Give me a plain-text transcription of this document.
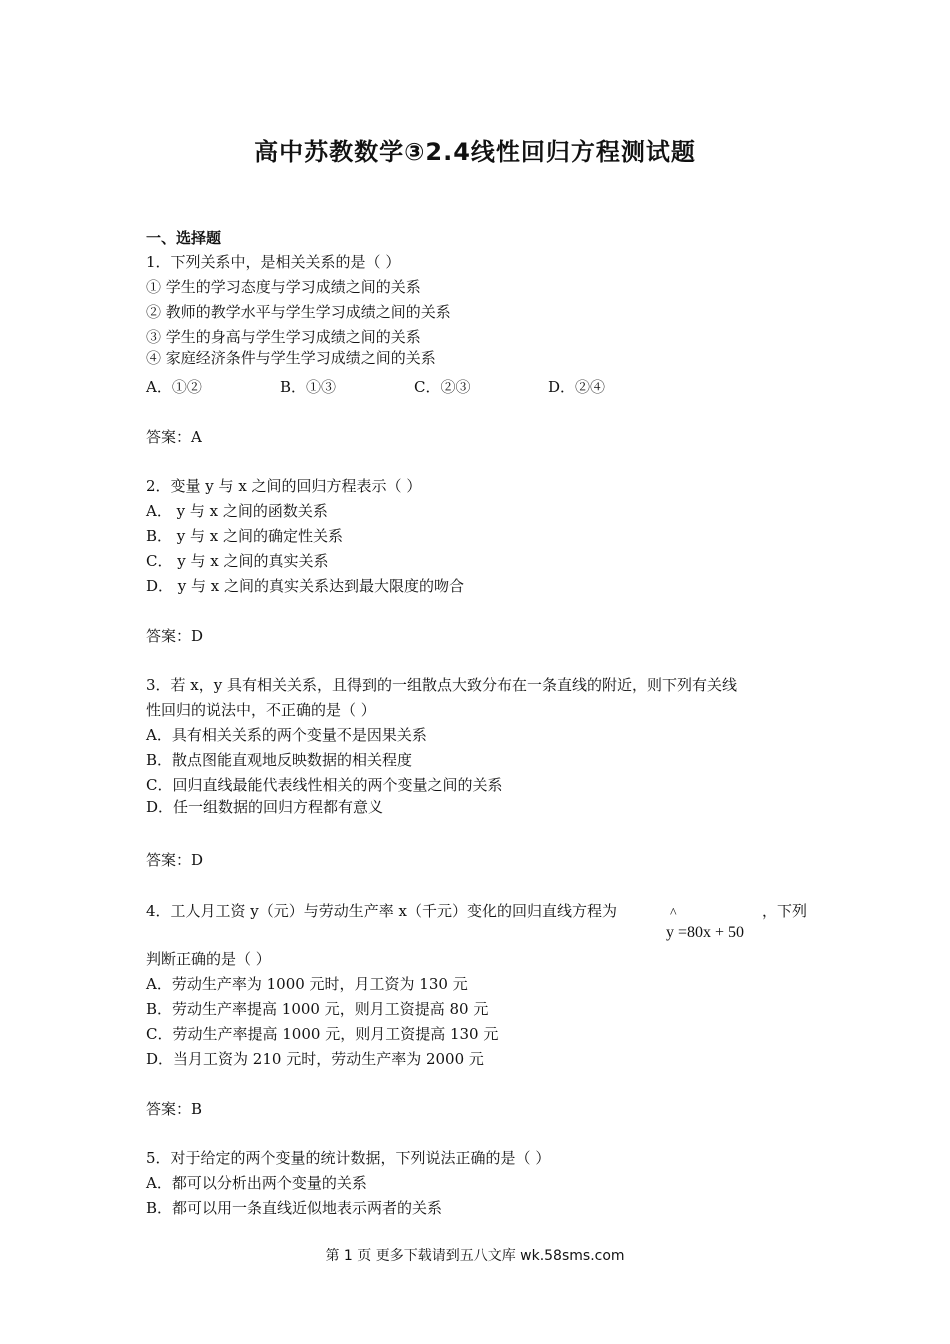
高中苏教数学③2.4线性回归方程测试题
一、选择题
1．下列关系中，是相关关系的是（ ）
① 学生的学习态度与学习成绩之间的关系
② 教师的教学水平与学生学习成绩之间的关系
③ 学生的身高与学生学习成绩之间的关系
④ 家庭经济条件与学生学习成绩之间的关系
A．①②	B．①③	C．②③	D．②④
答案：A
2．变量 y 与 x 之间的回归方程表示（ ）
A． y 与 x 之间的函数关系
B． y 与 x 之间的确定性关系
C． y 与 x 之间的真实关系
D． y 与 x 之间的真实关系达到最大限度的吻合
答案：D
3．若 x，y 具有相关关系，且得到的一组散点大致分布在一条直线的附近，则下列有关线
性回归的说法中，不正确的是（ ）
A．具有相关关系的两个变量不是因果关系
B．散点图能直观地反映数据的相关程度
C．回归直线最能代表线性相关的两个变量之间的关系
D．任一组数据的回归方程都有意义
答案：D
4．工人月工资 y（元）与劳动生产率 x（千元）变化的回归直线方程为	^
y =80x + 50
，下列
判断正确的是（ ）
A．劳动生产率为 1000 元时，月工资为 130 元
B．劳动生产率提高 1000 元，则月工资提高 80 元
C．劳动生产率提高 1000 元，则月工资提高 130 元
D．当月工资为 210 元时，劳动生产率为 2000 元
答案：B
5．对于给定的两个变量的统计数据，下列说法正确的是（ ）
A．都可以分析出两个变量的关系
B．都可以用一条直线近似地表示两者的关系
第 1 页 更多下载请到五八文库 wk.58sms.com
